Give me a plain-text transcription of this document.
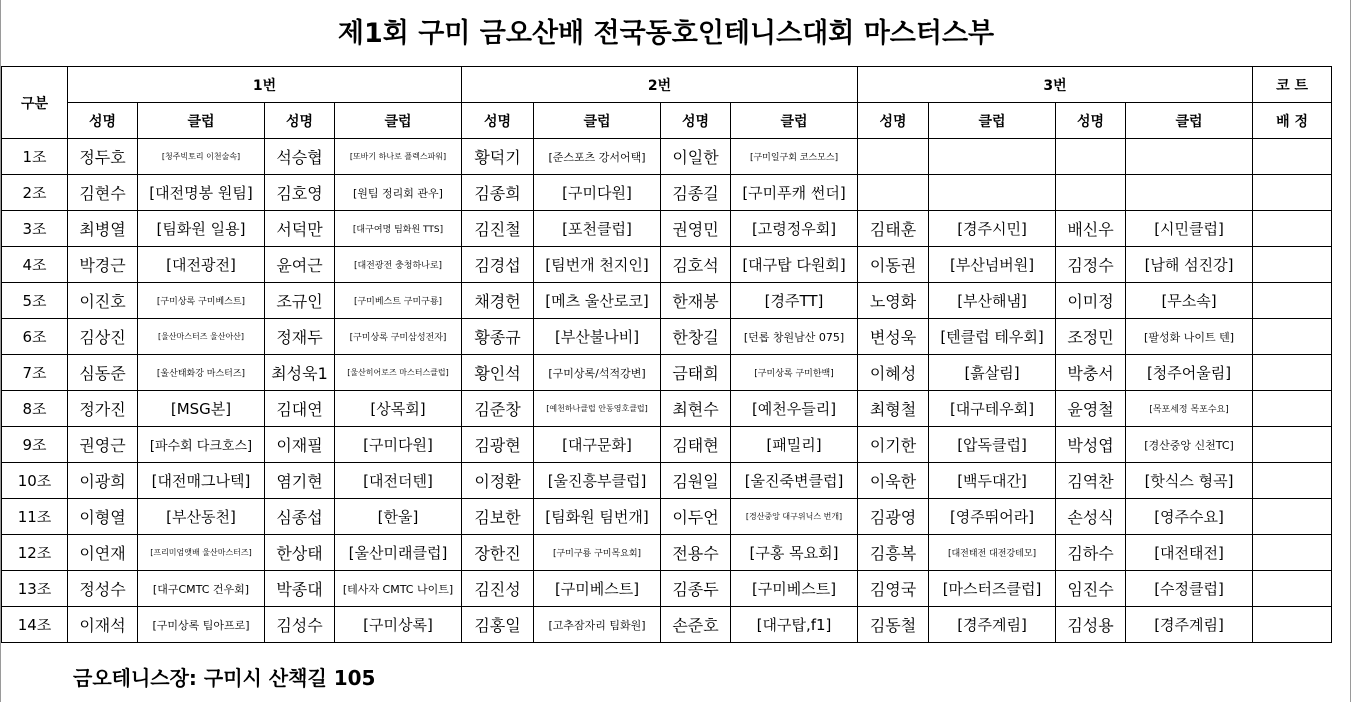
제1회 구미 금오산배 전국동호인테니스대회 마스터스부
구분	1번				2번				3번				코 트
	성명	클럽	성명	클럽	성명	클럽	성명	클럽	성명	클럽	성명	클럽	배 정
1조	정두호	[청주빅토리 이천술속]	석승협	[또바기 하나로 플렉스파워]	황덕기	[준스포츠 강서어택]	이일한	[구미일구회 코스모스]					
2조	김현수	[대전명봉 원팀]	김호영	[원팀 정리회 관우]	김종희	[구미다원]	김종길	[구미푸캐 썬더]					
3조	최병열	[팀화원 일용]	서덕만	[대구여명 팀화원 TTS]	김진철	[포천클럽]	권영민	[고령정우회]	김태훈	[경주시민]	배신우	[시민클럽]	
4조	박경근	[대전광전]	윤여근	[대전광전 충청하나로]	김경섭	[팀번개 천지인]	김호석	[대구탑 다원회]	이동권	[부산넘버원]	김정수	[남해 섬진강]	
5조	이진호	[구미상록 구미베스트]	조규인	[구미베스트 구미구룡]	채경헌	[메츠 울산로코]	한재봉	[경주TT]	노영화	[부산해냄]	이미정	[무소속]	
6조	김상진	[울산마스터즈 울산아산]	정재두	[구미상록 구미삼성전자]	황종규	[부산불나비]	한창길	[던롭 창원남산 075]	변성욱	[텐클럽 테우회]	조정민	[팔성화 나이트 텐]	
7조	심동준	[울산태화강 마스터즈]	최성욱1	[울산히어로즈 마스터스클럽]	황인석	[구미상록/석적강변]	금태희	[구미상록 구미한백]	이혜성	[흙살림]	박충서	[청주어울림]	
8조	정가진	[MSG본]	김대연	[상목회]	김준창	[예천하나클럽 안동영호클럽]	최현수	[예천우들리]	최형철	[대구테우회]	윤영철	[목포세정 목포수요]	
9조	권영근	[파수회 다크호스]	이재필	[구미다원]	김광현	[대구문화]	김태현	[패밀리]	이기한	[압독클럽]	박성엽	[경산중앙 신천TC]	
10조	이광희	[대전매그나텍]	염기현	[대전더텐]	이정환	[울진흥부클럽]	김원일	[울진죽변클럽]	이욱한	[백두대간]	김역찬	[핫식스 형곡]	
11조	이형열	[부산동천]	심종섭	[한울]	김보한	[팀화원 팀번개]	이두언	[경산중앙 대구위닉스 번개]	김광영	[영주뛰어라]	손성식	[영주수요]	
12조	이연재	[프리미엄앳배 울산마스터즈]	한상태	[울산미래클럽]	장한진	[구미구룡 구미목요회]	전용수	[구홍 목요회]	김흥복	[대전태전 대전강테모]	김하수	[대전태전]	
13조	정성수	[대구CMTC 건우회]	박종대	[테사자 CMTC 나이트]	김진성	[구미베스트]	김종두	[구미베스트]	김영국	[마스터즈클럽]	임진수	[수정클럽]	
14조	이재석	[구미상록 팀아프로]	김성수	[구미상록]	김홍일	[고추잠자리 팀화원]	손준호	[대구탑,f1]	김동철	[경주계림]	김성용	[경주계림]	
금오테니스장: 구미시 산책길 105
